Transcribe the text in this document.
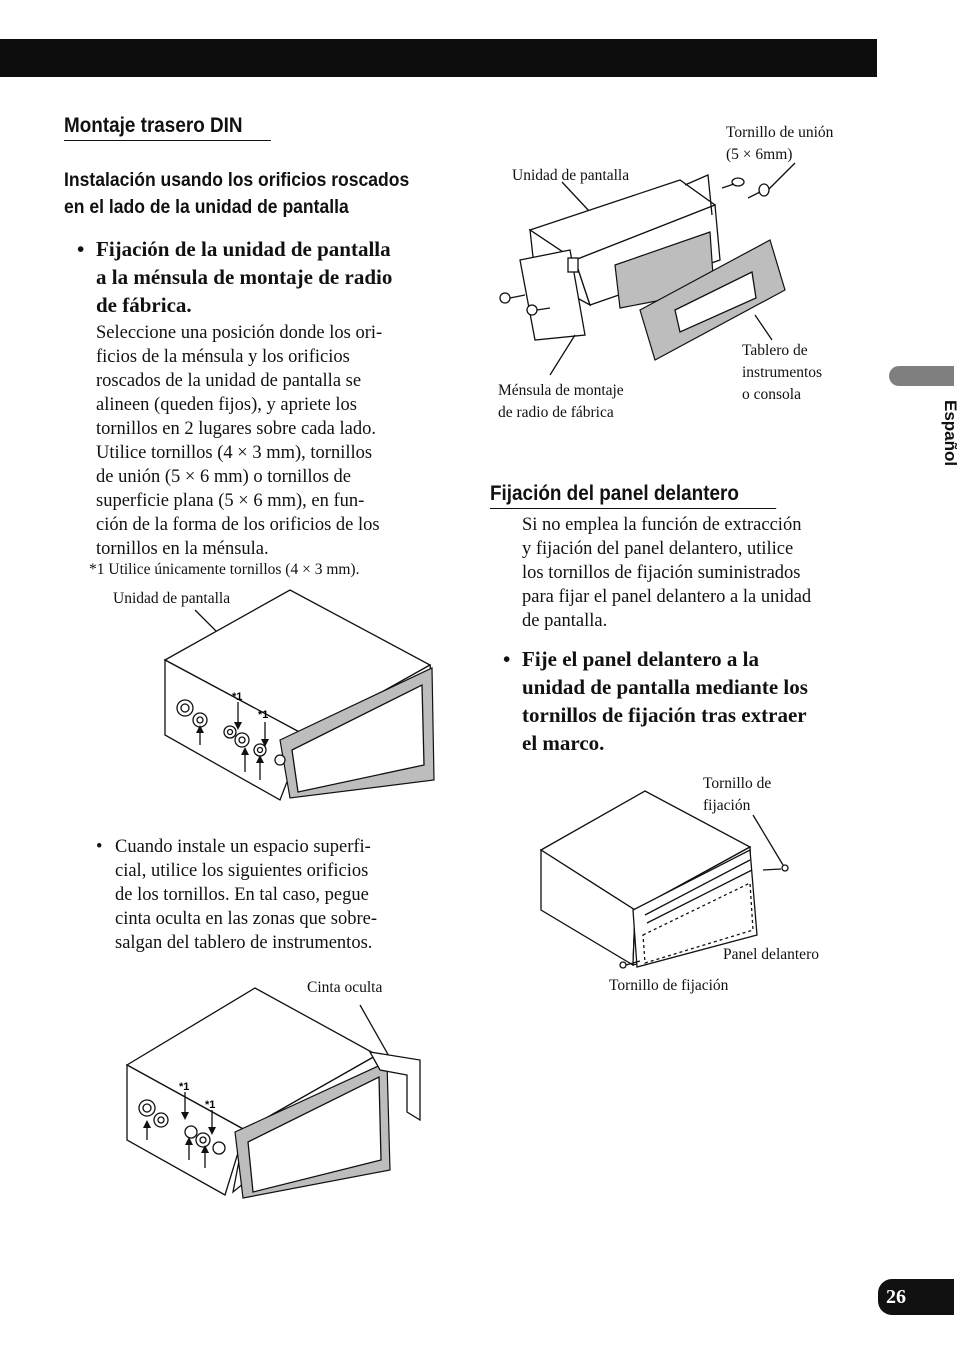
Montaje trasero DIN
Instalación usando los orificios roscados
en el lado de la unidad de pantalla
• Fijación de la unidad de pantalla
a la ménsula de montaje de radio
de fábrica.
Seleccione una posición donde los ori-
ficios de la ménsula y los orificios
roscados de la unidad de pantalla se
alineen (queden fijos), y apriete los
tornillos en 2 lugares sobre cada lado.
Utilice tornillos (4 × 3 mm), tornillos
de unión (5 × 6 mm) o tornillos de
superficie plana (5 × 6 mm), en fun-
ción de la forma de los orificios de los
tornillos en la ménsula.
*1 Utilice únicamente tornillos (4 × 3 mm).
Unidad de pantalla
*1
*1
• Cuando instale un espacio superfi-
cial, utilice los siguientes orificios
de los tornillos. En tal caso, pegue
cinta oculta en las zonas que sobre-
salgan del tablero de instrumentos.
Cinta oculta
*1
*1
Tornillo de unión
(5 × 6mm)
Unidad de pantalla
Tablero de
instrumentos
o consola
Ménsula de montaje
de radio de fábrica
Fijación del panel delantero
Si no emplea la función de extracción
y fijación del panel delantero, utilice
los tornillos de fijación suministrados
para fijar el panel delantero a la unidad
de pantalla.
• Fije el panel delantero a la
unidad de pantalla mediante los
tornillos de fijación tras extraer
el marco.
Tornillo de
fijación
Panel delantero
Tornillo de fijación
Español
26
